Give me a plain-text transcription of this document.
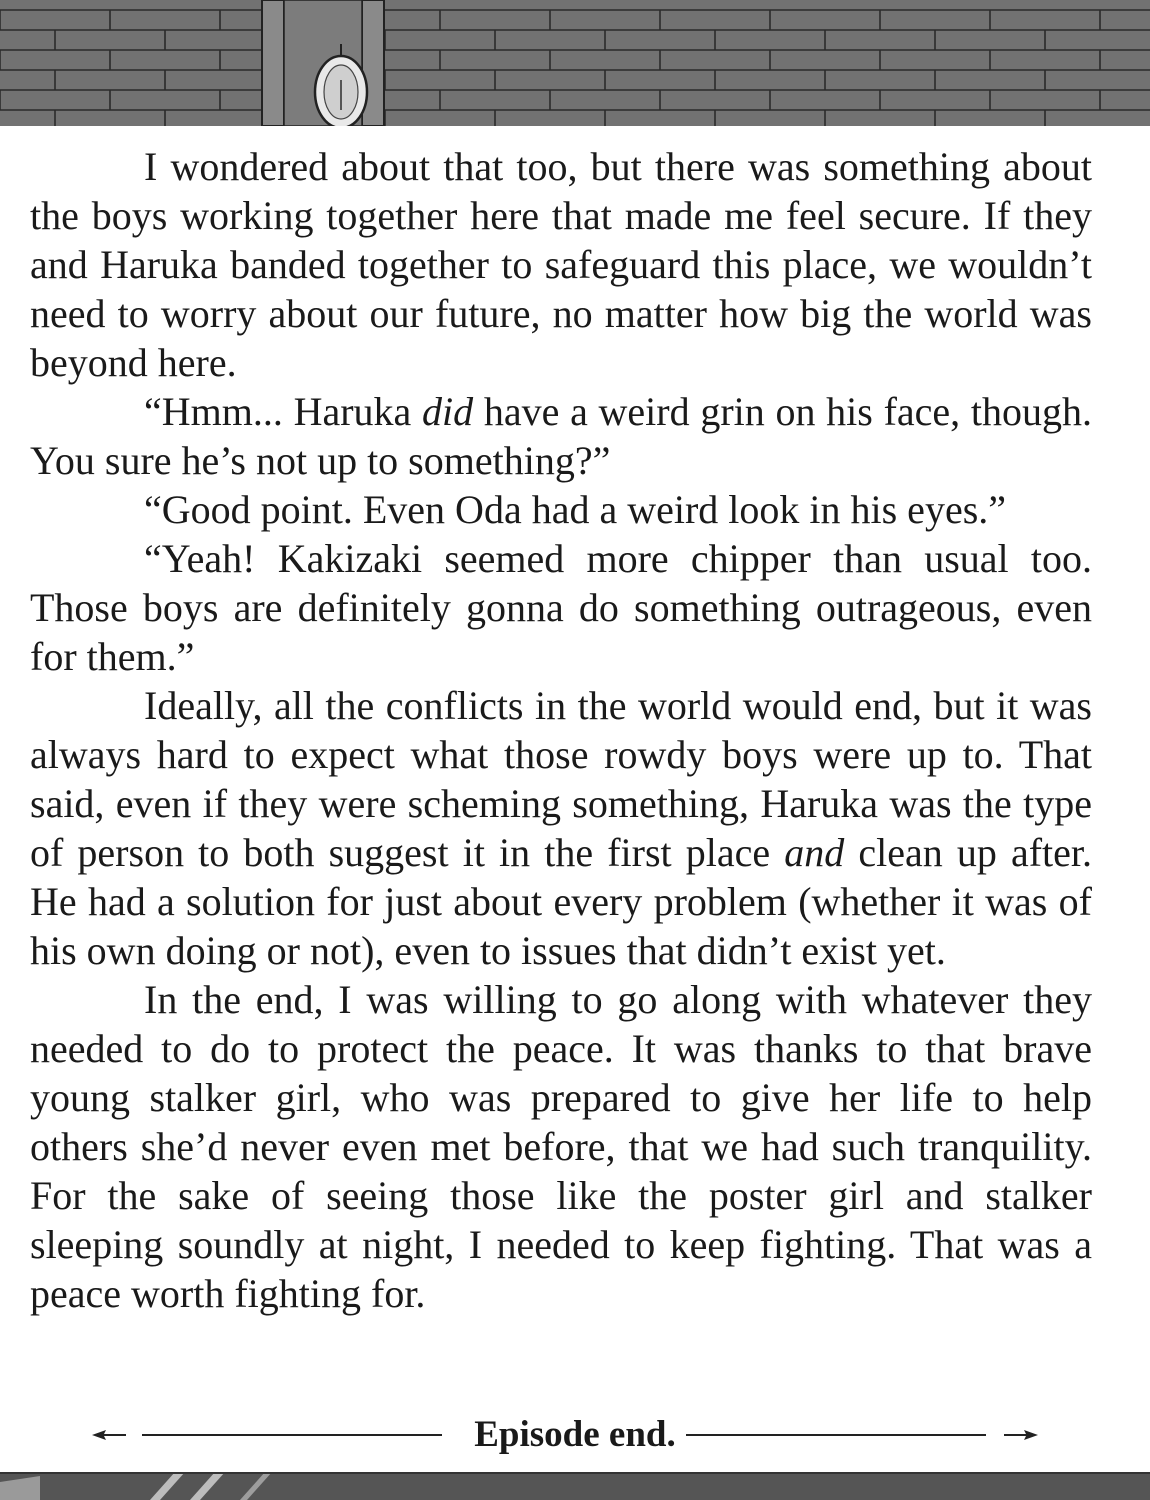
I wondered about that too, but there was something about the boys working together here that made me feel secure. If they and Haruka banded together to safeguard this place, we wouldn’t need to worry about our future, no matter how big the world was beyond here.

“Hmm... Haruka did have a weird grin on his face, though. You sure he’s not up to something?”

“Good point. Even Oda had a weird look in his eyes.”

“Yeah! Kakizaki seemed more chipper than usual too. Those boys are definitely gonna do something outrageous, even for them.”

Ideally, all the conflicts in the world would end, but it was always hard to expect what those rowdy boys were up to. That said, even if they were scheming something, Haruka was the type of person to both suggest it in the first place and clean up after. He had a solution for just about every problem (whether it was of his own doing or not), even to issues that didn’t exist yet.

In the end, I was willing to go along with whatever they needed to do to protect the peace. It was thanks to that brave young stalker girl, who was prepared to give her life to help others she’d never even met before, that we had such tranquility. For the sake of seeing those like the poster girl and stalker sleeping soundly at night, I needed to keep fighting. That was a peace worth fighting for.

Episode end.
